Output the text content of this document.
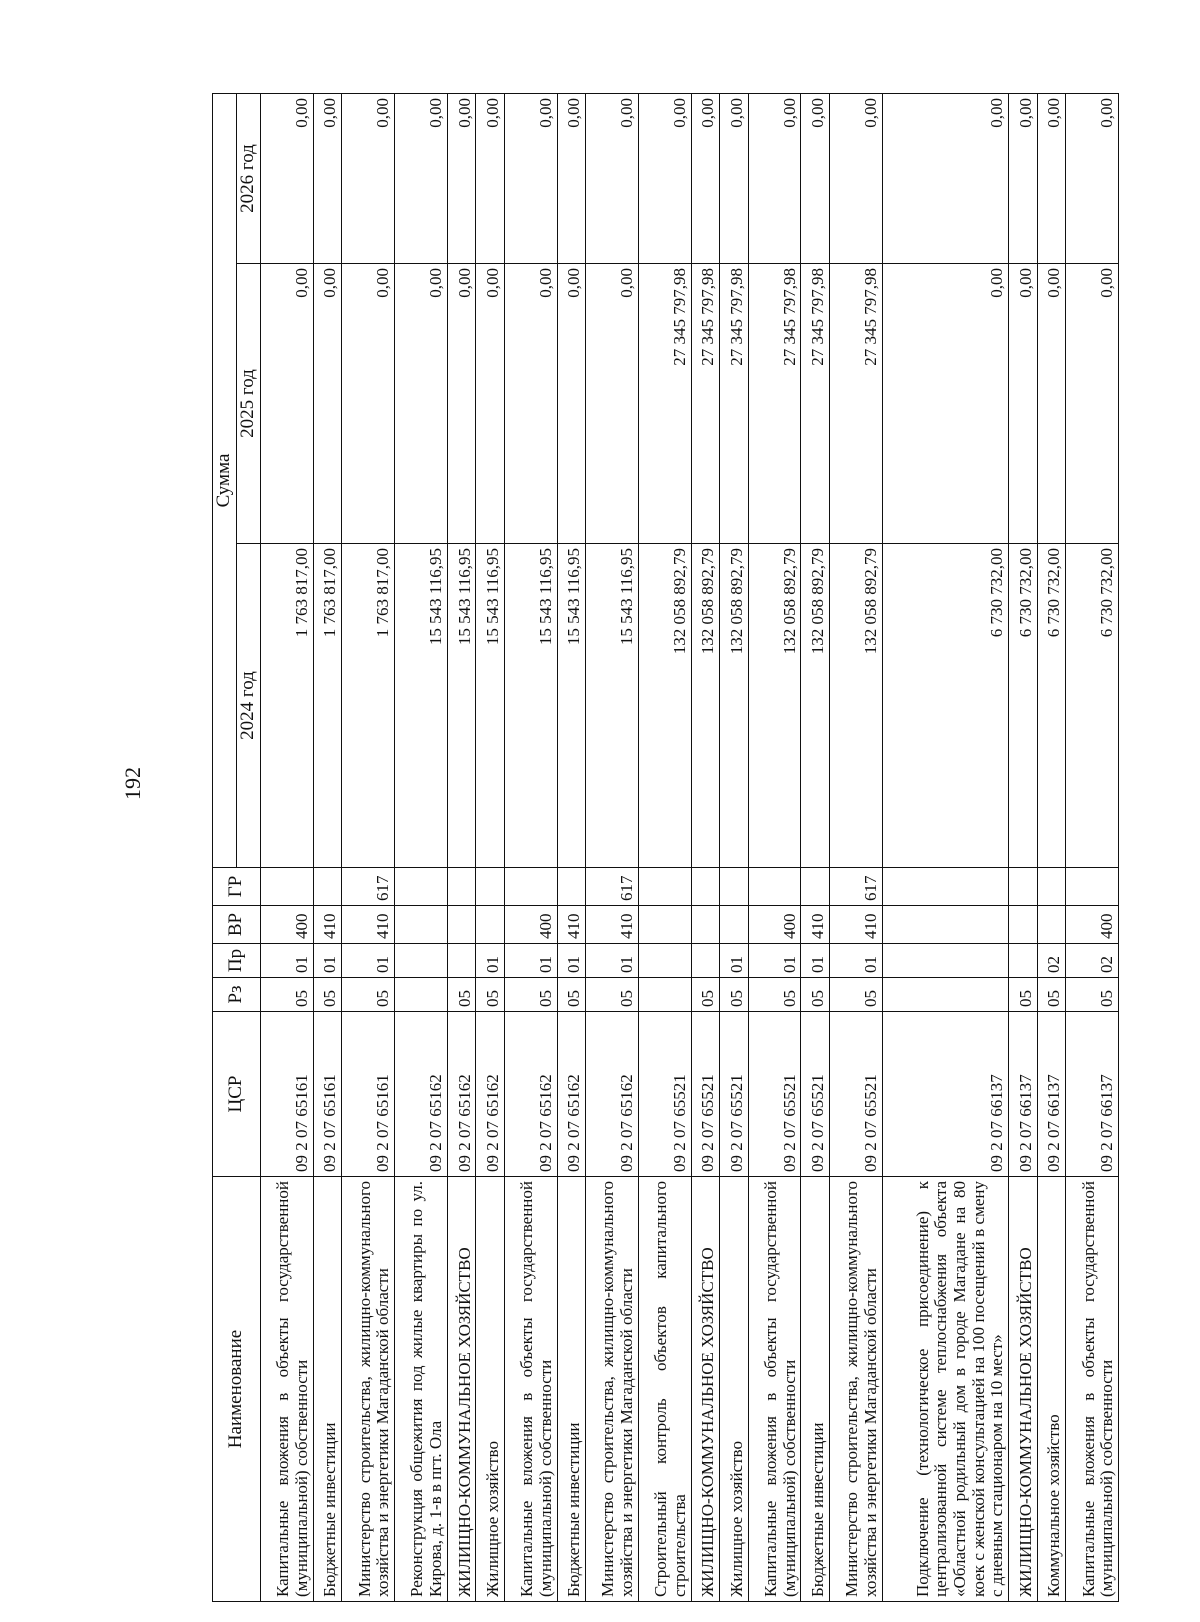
192
Наименование	ЦСР	Рз	Пр	ВР	ГР	Сумма		
						2024 год	2025 год	2026 год
Капитальные вложения в объекты государственной (муниципальной) собственности	09 2 07 65161	05	01	400		1 763 817,00	0,00	0,00
Бюджетные инвестиции	09 2 07 65161	05	01	410		1 763 817,00	0,00	0,00
Министерство строительства, жилищно-коммунального хозяйства и энергетики Магаданской области	09 2 07 65161	05	01	410	617	1 763 817,00	0,00	0,00
Реконструкция общежития под жилые квартиры по ул. Кирова, д. 1-в в пгт. Ола	09 2 07 65162					15 543 116,95	0,00	0,00
ЖИЛИЩНО-КОММУНАЛЬНОЕ ХОЗЯЙСТВО	09 2 07 65162	05				15 543 116,95	0,00	0,00
Жилищное хозяйство	09 2 07 65162	05	01			15 543 116,95	0,00	0,00
Капитальные вложения в объекты государственной (муниципальной) собственности	09 2 07 65162	05	01	400		15 543 116,95	0,00	0,00
Бюджетные инвестиции	09 2 07 65162	05	01	410		15 543 116,95	0,00	0,00
Министерство строительства, жилищно-коммунального хозяйства и энергетики Магаданской области	09 2 07 65162	05	01	410	617	15 543 116,95	0,00	0,00
Строительный контроль объектов капитального строительства	09 2 07 65521					132 058 892,79	27 345 797,98	0,00
ЖИЛИЩНО-КОММУНАЛЬНОЕ ХОЗЯЙСТВО	09 2 07 65521	05				132 058 892,79	27 345 797,98	0,00
Жилищное хозяйство	09 2 07 65521	05	01			132 058 892,79	27 345 797,98	0,00
Капитальные вложения в объекты государственной (муниципальной) собственности	09 2 07 65521	05	01	400		132 058 892,79	27 345 797,98	0,00
Бюджетные инвестиции	09 2 07 65521	05	01	410		132 058 892,79	27 345 797,98	0,00
Министерство строительства, жилищно-коммунального хозяйства и энергетики Магаданской области	09 2 07 65521	05	01	410	617	132 058 892,79	27 345 797,98	0,00
Подключение (технологическое присоединение) к централизованной системе теплоснабжения объекта «Областной родильный дом в городе Магадане на 80 коек с женской консультацией на 100 посещений в смену с дневным стационаром на 10 мест»	09 2 07 66137					6 730 732,00	0,00	0,00
ЖИЛИЩНО-КОММУНАЛЬНОЕ ХОЗЯЙСТВО	09 2 07 66137	05				6 730 732,00	0,00	0,00
Коммунальное хозяйство	09 2 07 66137	05	02			6 730 732,00	0,00	0,00
Капитальные вложения в объекты государственной (муниципальной) собственности	09 2 07 66137	05	02	400		6 730 732,00	0,00	0,00
